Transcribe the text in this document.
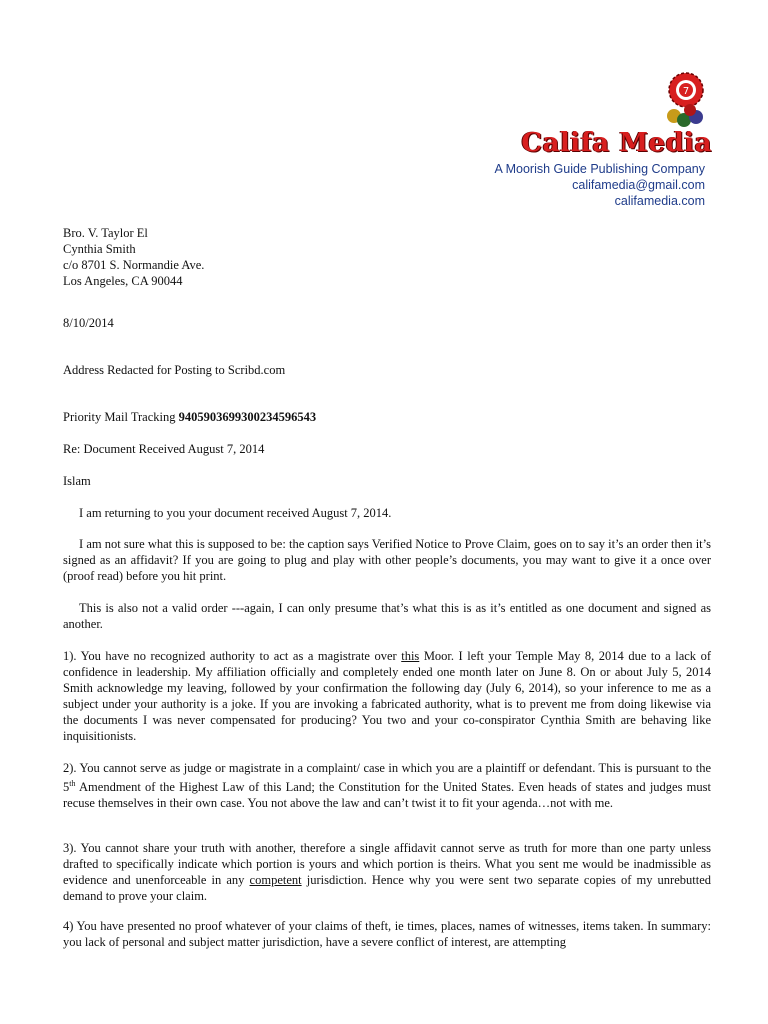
7
Califa Media
A Moorish Guide Publishing Company
califamedia@gmail.com
califamedia.com
Bro. V. Taylor El
Cynthia Smith
c/o 8701 S. Normandie Ave.
Los Angeles, CA 90044
8/10/2014
Address Redacted for Posting to Scribd.com
Priority Mail Tracking 9405903699300234596543
Re: Document Received August 7, 2014
Islam

I am returning to you your document received August 7, 2014.

I am not sure what this is supposed to be: the caption says Verified Notice to Prove Claim, goes on to say it’s an order then it’s signed as an affidavit? If you are going to plug and play with other people’s documents, you may want to give it a once over (proof read) before you hit print.

This is also not a valid order ---again, I can only presume that’s what this is as it’s entitled as one document and signed as another.

1). You have no recognized authority to act as a magistrate over this Moor. I left your Temple May 8, 2014 due to a lack of confidence in leadership. My affiliation officially and completely ended one month later on June 8. On or about July 5, 2014 Smith acknowledge my leaving, followed by your confirmation the following day (July 6, 2014), so your inference to me as a subject under your authority is a joke. If you are invoking a fabricated authority, what is to prevent me from doing likewise via the documents I was never compensated for producing? You two and your co-conspirator Cynthia Smith are behaving like inquisitionists.

2). You cannot serve as judge or magistrate in a complaint/ case in which you are a plaintiff or defendant. This is pursuant to the 5th Amendment of the Highest Law of this Land; the Constitution for the United States. Even heads of states and judges must recuse themselves in their own case. You not above the law and can’t twist it to fit your agenda…not with me.

3). You cannot share your truth with another, therefore a single affidavit cannot serve as truth for more than one party unless drafted to specifically indicate which portion is yours and which portion is theirs. What you sent me would be inadmissible as evidence and unenforceable in any competent jurisdiction. Hence why you were sent two separate copies of my unrebutted demand to prove your claim.

4) You have presented no proof whatever of your claims of theft, ie times, places, names of witnesses, items taken. In summary: you lack of personal and subject matter jurisdiction, have a severe conflict of interest, are attempting
